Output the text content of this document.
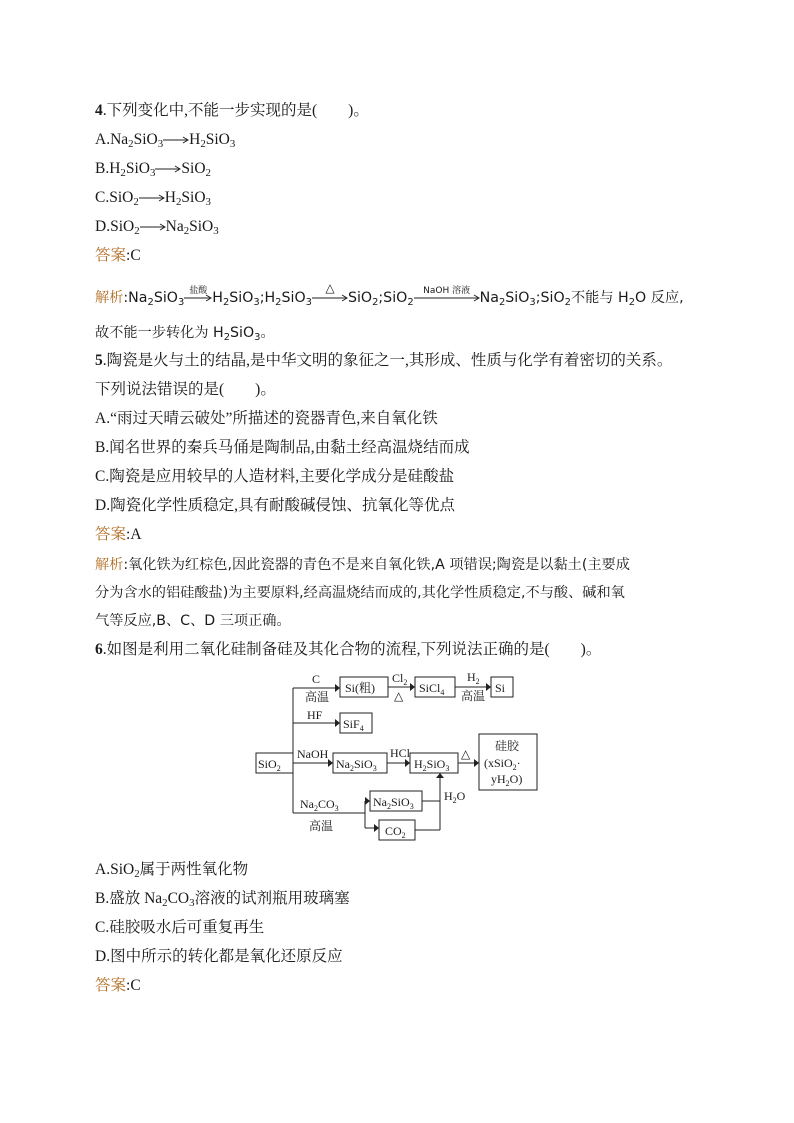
4.下列变化中,不能一步实现的是(　　)。
$A.Na_2SiO_3\to H_2SiO_3$
$B.H_2SiO_3\to SiO_2$
$C.SiO_2\to H_2SiO_3$
$D.SiO_2\to Na_2SiO_3$
答案:C
解析$:Na_2SiO_3$
盐酸 $H_2SiO_3;H_2SiO_3$
△
SiO$_2$;SiO$_2$
NaOH 溶液 $Na_2SiO_3;SiO_2$不能与 $H_2O$ 反应,
故不能一步转化为 $H_2SiO_3$。
5.陶瓷是火与土的结晶,是中华文明的象征之一,其形成、性质与化学有着密切的关系。
下列说法错误的是(　　)。
A.“雨过天晴云破处”所描述的瓷器青色,来自氧化铁
B.闻名世界的秦兵马俑是陶制品,由黏土经高温烧结而成
C.陶瓷是应用较早的人造材料,主要化学成分是硅酸盐
D.陶瓷化学性质稳定,具有耐酸碱侵蚀、抗氧化等优点
答案:A
解析:氧化铁为红棕色,因此瓷器的青色不是来自氧化铁,A 项错误;陶瓷是以黏土(主要成
分为含水的铝硅酸盐)为主要原料,经高温烧结而成的,其化学性质稳定,不与酸、碱和氧
气等反应,B、C、D 三项正确。
6.如图是利用二氧化硅制备硅及其化合物的流程,下列说法正确的是(　　)。
C
高温
Si(粗)
$Cl_2$
△
SiCl$_4$
$H_2$
高温
Si
HF
SiF$_4$
SiO$_2$
NaOH
$Na_2SiO_3$
HCl
$H_2SiO_3$
△
硅胶
(xSiO$_2$·
$yH_2O$)
$Na_2CO_3$
高温
$Na_2SiO_3$
$CO_2$
$H_2O$
A.SiO$_2$属于两性氧化物
B.盛放 $Na_2CO_3$溶液的试剂瓶用玻璃塞
C.硅胶吸水后可重复再生
D.图中所示的转化都是氧化还原反应
答案:C
